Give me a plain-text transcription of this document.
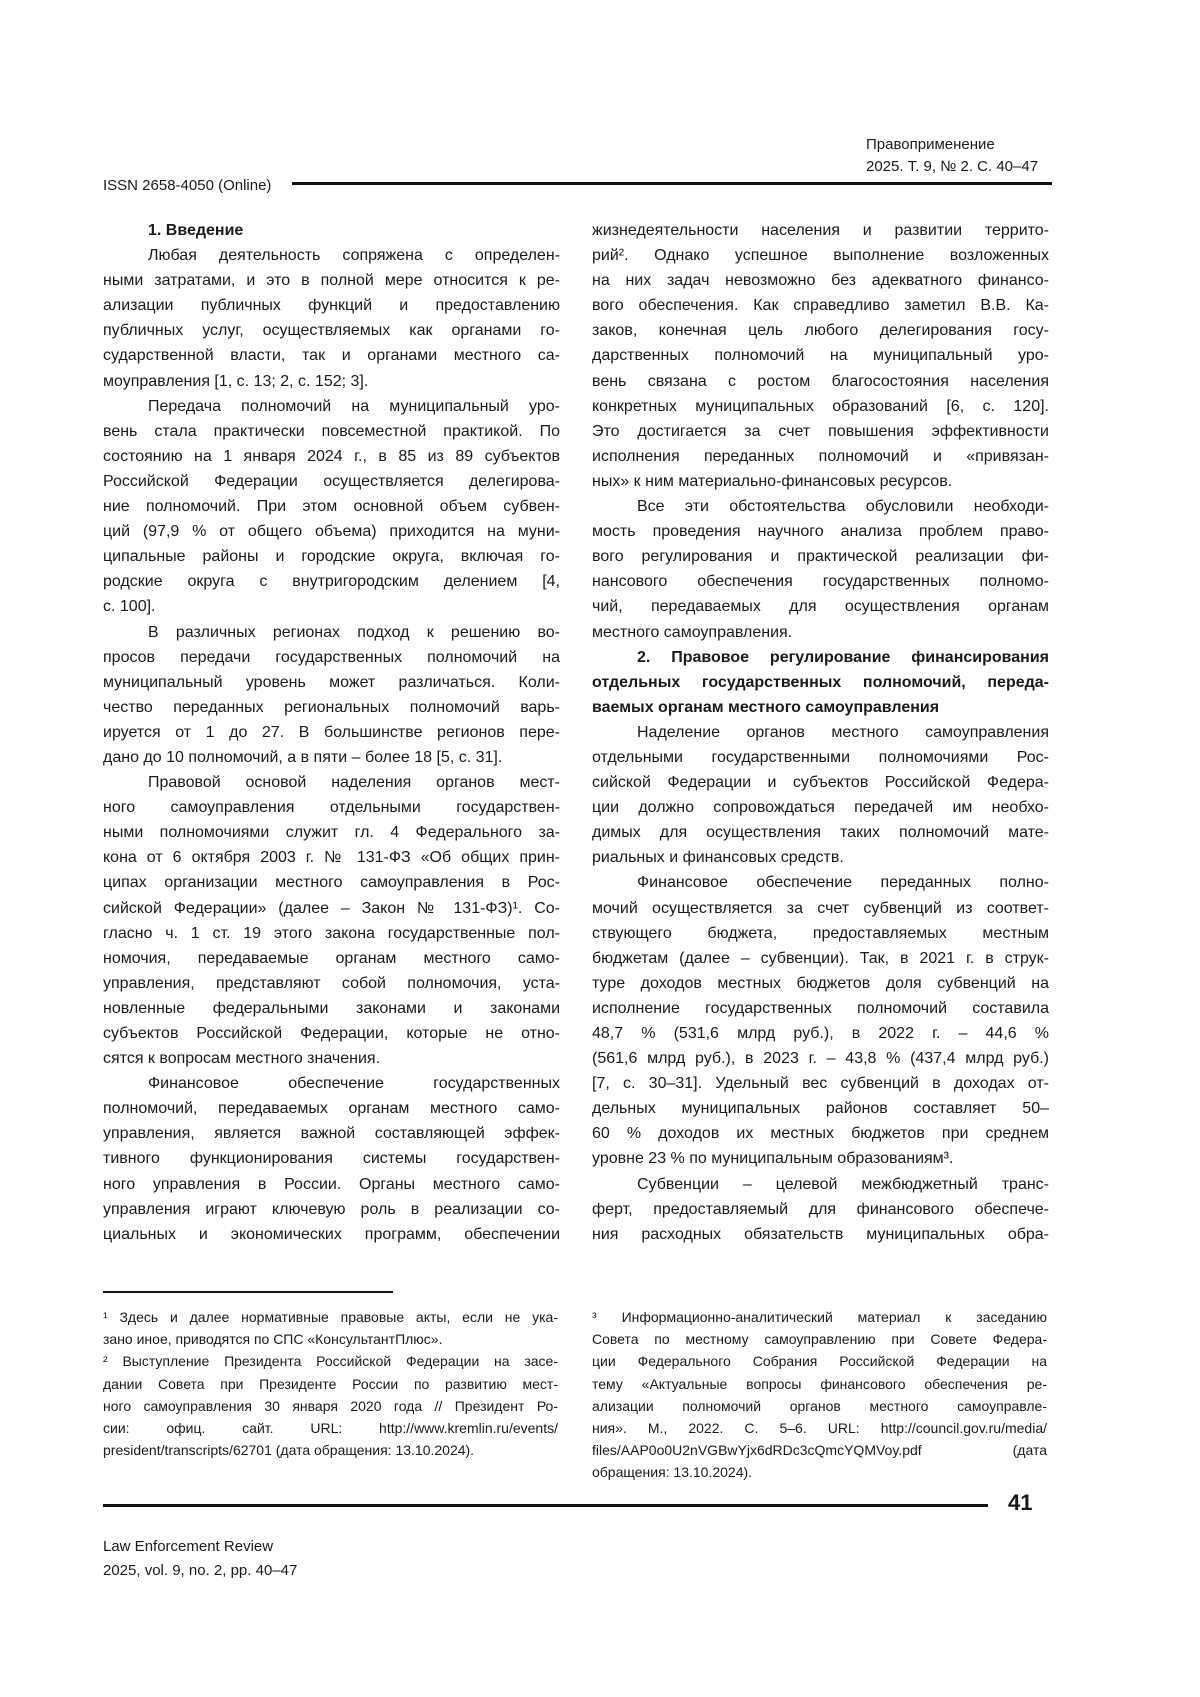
Правоприменение
2025. Т. 9, № 2. С. 40–47
ISSN 2658-4050 (Online)
1. Введение
Любая деятельность сопряжена с определен-
ными затратами, и это в полной мере относится к ре-
ализации публичных функций и предоставлению
публичных услуг, осуществляемых как органами го-
сударственной власти, так и органами местного са-
моуправления [1, с. 13; 2, с. 152; 3].
Передача полномочий на муниципальный уро-
вень стала практически повсеместной практикой. По
состоянию на 1 января 2024 г., в 85 из 89 субъектов
Российской Федерации осуществляется делегирова-
ние полномочий. При этом основной объем субвен-
ций (97,9 % от общего объема) приходится на муни-
ципальные районы и городские округа, включая го-
родские округа с внутригородским делением [4,
с. 100].
В различных регионах подход к решению во-
просов передачи государственных полномочий на
муниципальный уровень может различаться. Коли-
чество переданных региональных полномочий варь-
ируется от 1 до 27. В большинстве регионов пере-
дано до 10 полномочий, а в пяти – более 18 [5, с. 31].
Правовой основой наделения органов мест-
ного самоуправления отдельными государствен-
ными полномочиями служит гл. 4 Федерального за-
кона от 6 октября 2003 г. № 131-ФЗ «Об общих прин-
ципах организации местного самоуправления в Рос-
сийской Федерации» (далее – Закон № 131-ФЗ)¹. Со-
гласно ч. 1 ст. 19 этого закона государственные пол-
номочия, передаваемые органам местного само-
управления, представляют собой полномочия, уста-
новленные федеральными законами и законами
субъектов Российской Федерации, которые не отно-
сятся к вопросам местного значения.
Финансовое обеспечение государственных
полномочий, передаваемых органам местного само-
управления, является важной составляющей эффек-
тивного функционирования системы государствен-
ного управления в России. Органы местного само-
управления играют ключевую роль в реализации со-
циальных и экономических программ, обеспечении
жизнедеятельности населения и развитии террито-
рий². Однако успешное выполнение возложенных
на них задач невозможно без адекватного финансо-
вого обеспечения. Как справедливо заметил В.В. Ка-
заков, конечная цель любого делегирования госу-
дарственных полномочий на муниципальный уро-
вень связана с ростом благосостояния населения
конкретных муниципальных образований [6, с. 120].
Это достигается за счет повышения эффективности
исполнения переданных полномочий и «привязан-
ных» к ним материально-финансовых ресурсов.
Все эти обстоятельства обусловили необходи-
мость проведения научного анализа проблем право-
вого регулирования и практической реализации фи-
нансового обеспечения государственных полномо-
чий, передаваемых для осуществления органам
местного самоуправления.
2. Правовое регулирование финансирования
отдельных государственных полномочий, переда-
ваемых органам местного самоуправления
Наделение органов местного самоуправления
отдельными государственными полномочиями Рос-
сийской Федерации и субъектов Российской Федера-
ции должно сопровождаться передачей им необхо-
димых для осуществления таких полномочий мате-
риальных и финансовых средств.
Финансовое обеспечение переданных полно-
мочий осуществляется за счет субвенций из соответ-
ствующего бюджета, предоставляемых местным
бюджетам (далее – субвенции). Так, в 2021 г. в струк-
туре доходов местных бюджетов доля субвенций на
исполнение государственных полномочий составила
48,7 % (531,6 млрд руб.), в 2022 г. – 44,6 %
(561,6 млрд руб.), в 2023 г. – 43,8 % (437,4 млрд руб.)
[7, с. 30–31]. Удельный вес субвенций в доходах от-
дельных муниципальных районов составляет 50–
60 % доходов их местных бюджетов при среднем
уровне 23 % по муниципальным образованиям³.
Субвенции – целевой межбюджетный транс-
ферт, предоставляемый для финансового обеспече-
ния расходных обязательств муниципальных обра-
¹ Здесь и далее нормативные правовые акты, если не ука-
зано иное, приводятся по СПС «КонсультантПлюс».
² Выступление Президента Российской Федерации на засе-
дании Совета при Президенте России по развитию мест-
ного самоуправления 30 января 2020 года // Президент Ро-
сии: офиц. сайт. URL: http://www.kremlin.ru/events/
president/transcripts/62701 (дата обращения: 13.10.2024).
³ Информационно-аналитический материал к заседанию
Совета по местному самоуправлению при Совете Федера-
ции Федерального Собрания Российской Федерации на
тему «Актуальные вопросы финансового обеспечения ре-
ализации полномочий органов местного самоуправле-
ния». М., 2022. С. 5–6. URL: http://council.gov.ru/media/
files/AAP0o0U2nVGBwYjx6dRDc3cQmcYQMVoy.pdf (дата
обращения: 13.10.2024).
41
Law Enforcement Review
2025, vol. 9, no. 2, pp. 40–47
